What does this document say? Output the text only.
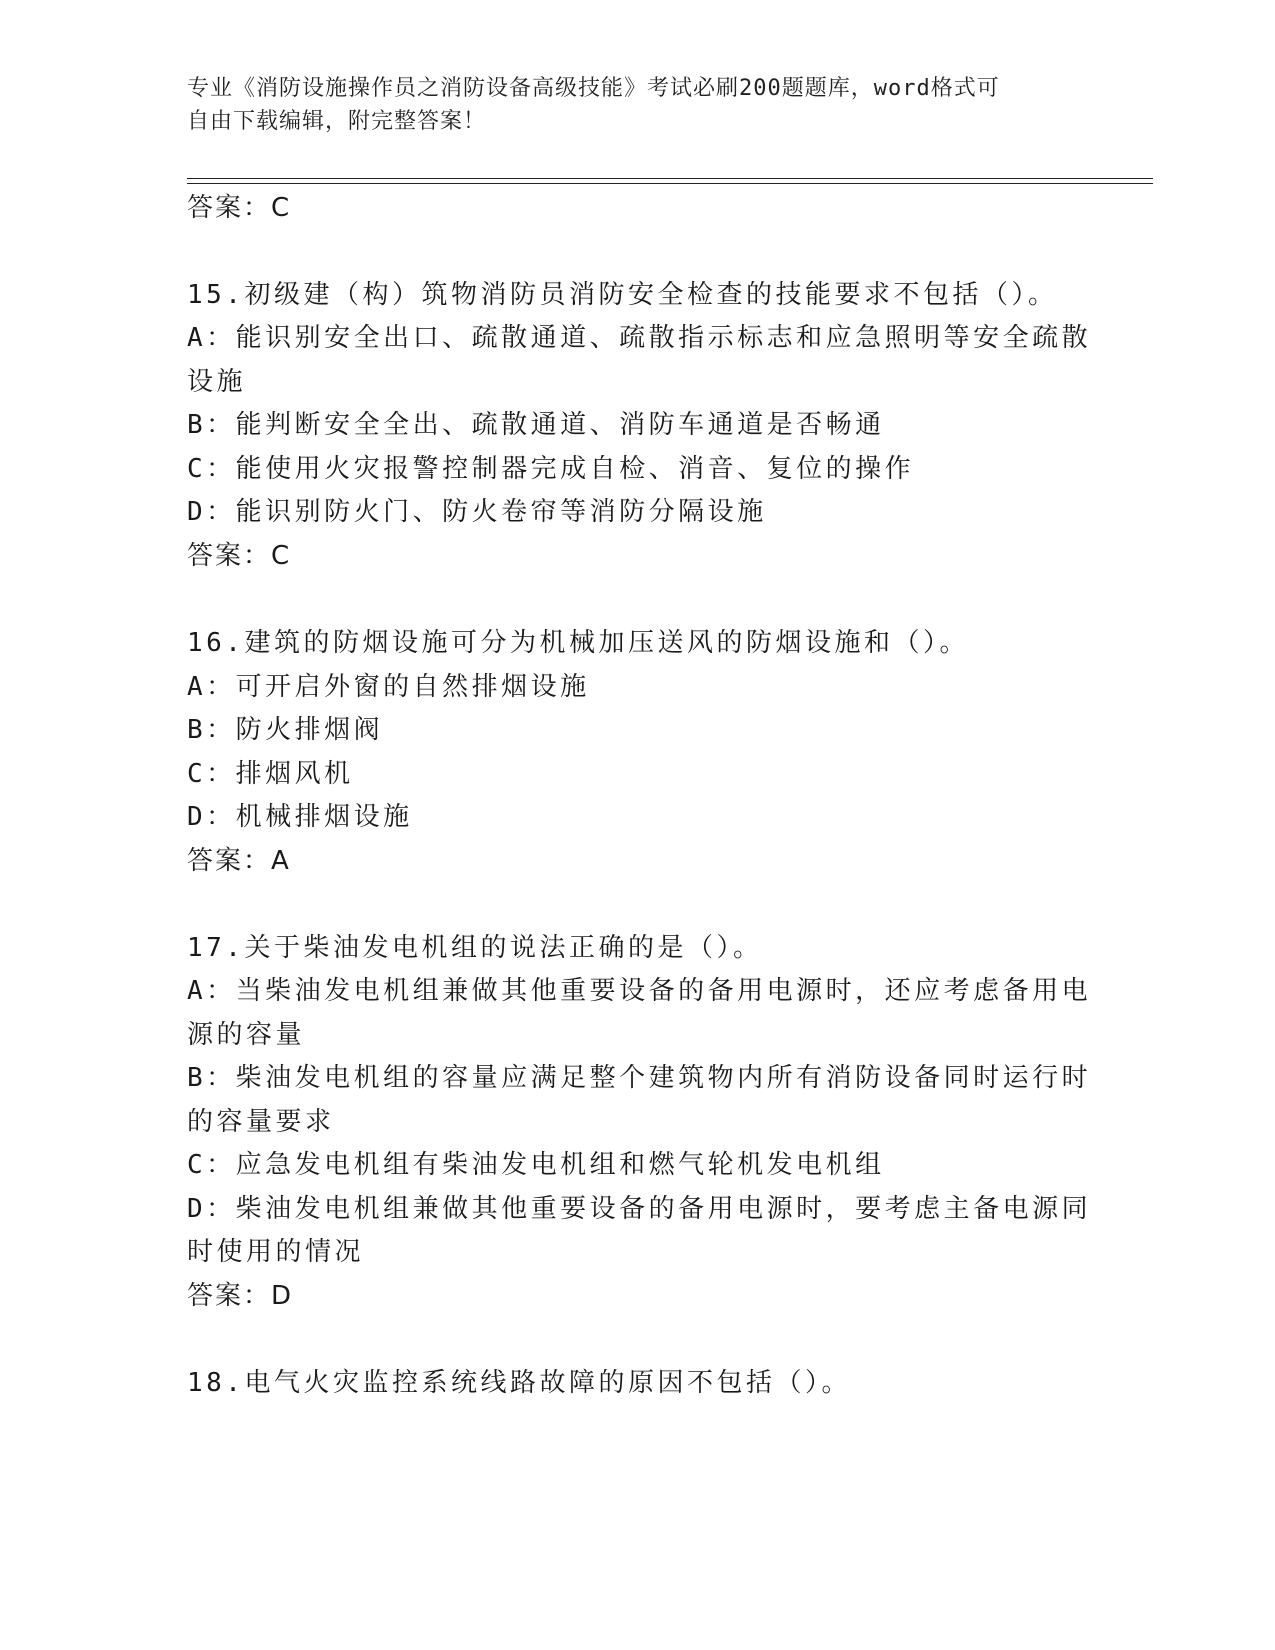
专业《消防设施操作员之消防设备高级技能》考试必刷200题题库，word格式可
自由下载编辑，附完整答案！
答案：C
15.初级建（构）筑物消防员消防安全检查的技能要求不包括（）。
A：能识别安全出口、疏散通道、疏散指示标志和应急照明等安全疏散
设施
B：能判断安全全出、疏散通道、消防车通道是否畅通
C：能使用火灾报警控制器完成自检、消音、复位的操作
D：能识别防火门、防火卷帘等消防分隔设施
答案：C
16.建筑的防烟设施可分为机械加压送风的防烟设施和（）。
A：可开启外窗的自然排烟设施
B：防火排烟阀
C：排烟风机
D：机械排烟设施
答案：A
17.关于柴油发电机组的说法正确的是（）。
A：当柴油发电机组兼做其他重要设备的备用电源时，还应考虑备用电
源的容量
B：柴油发电机组的容量应满足整个建筑物内所有消防设备同时运行时
的容量要求
C：应急发电机组有柴油发电机组和燃气轮机发电机组
D：柴油发电机组兼做其他重要设备的备用电源时，要考虑主备电源同
时使用的情况
答案：D
18.电气火灾监控系统线路故障的原因不包括（）。
